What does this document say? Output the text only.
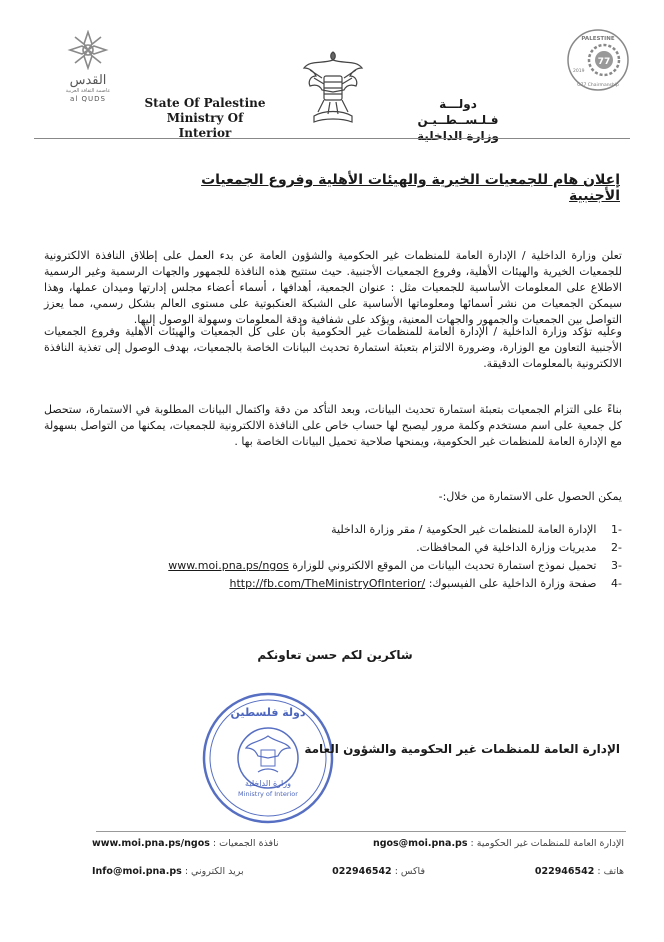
القدس
عاصمة الثقافة العربية
al QUDS	State Of Palestine
Ministry Of Interior
دولـــة فـلـســطــيـن
وزارة الداخلية
77
PALESTINE
G77 Chairmanship
2019
إعلان هام للجمعيات الخيرية والهيئات الأهلية وفروع الجمعيات الأجنبية
تعلن وزارة الداخلية / الإدارة العامة للمنظمات غير الحكومية والشؤون العامة عن بدء العمل على إطلاق النافذة الالكترونية للجمعيات الخيرية والهيئات الأهلية، وفروع الجمعيات الأجنبية. حيث ستتيح هذه النافذة للجمهور والجهات الرسمية وغير الرسمية الاطلاع على المعلومات الأساسية للجمعيات مثل : عنوان الجمعية، أهدافها ، أسماء أعضاء مجلس إدارتها وميدان عملها، وهذا سيمكن الجمعيات من نشر أسمائها ومعلوماتها الأساسية على الشبكة العنكبوتية على مستوى العالم بشكل رسمي، مما يعزز التواصل بين الجمعيات والجمهور والجهات المعنية، ويؤكد على شفافية ودقة المعلومات وسهولة الوصول إليها.
وعليه تؤكد وزارة الداخلية / الإدارة العامة للمنظمات غير الحكومية بأن على كل الجمعيات والهيئات الأهلية وفروع الجمعيات الأجنبية التعاون مع الوزارة، وضرورة الالتزام بتعبئة استمارة تحديث البيانات الخاصة بالجمعيات، بهدف الوصول إلى تغذية النافذة الالكترونية بالمعلومات الدقيقة.
بناءً على التزام الجمعيات بتعبئة استمارة تحديث البيانات، وبعد التأكد من دقة واكتمال البيانات المطلوبة في الاستمارة، ستحصل كل جمعية على اسم مستخدم وكلمة مرور ليصبح لها حساب خاص على النافذة الالكترونية للجمعيات، يمكنها من التواصل بسهولة مع الإدارة العامة للمنظمات غير الحكومية، ويمنحها صلاحية تحميل البيانات الخاصة بها .
يمكن الحصول على الاستمارة من خلال:-
-1 الإدارة العامة للمنظمات غير الحكومية / مقر وزارة الداخلية
-2 مديريات وزارة الداخلية في المحافظات.
-3 تحميل نموذج استمارة تحديث البيانات من الموقع الالكتروني للوزارة www.moi.pna.ps/ngos
-4 صفحة وزارة الداخلية على الفيسبوك: http://fb.com/TheMinistryOfInterior/
شاكرين لكم حسن تعاونكم
دولة فلسطين
وزارة الداخلية
Ministry of Interior
الإدارة العامة للمنظمات غير الحكومية والشؤون العامة
الإدارة العامة للمنظمات غير الحكومية : ngos@moi.pna.ps
نافذة الجمعيات : www.moi.pna.ps/ngos
هاتف : 022946542
فاكس : 022946542
بريد الكتروني : Info@moi.pna.ps
